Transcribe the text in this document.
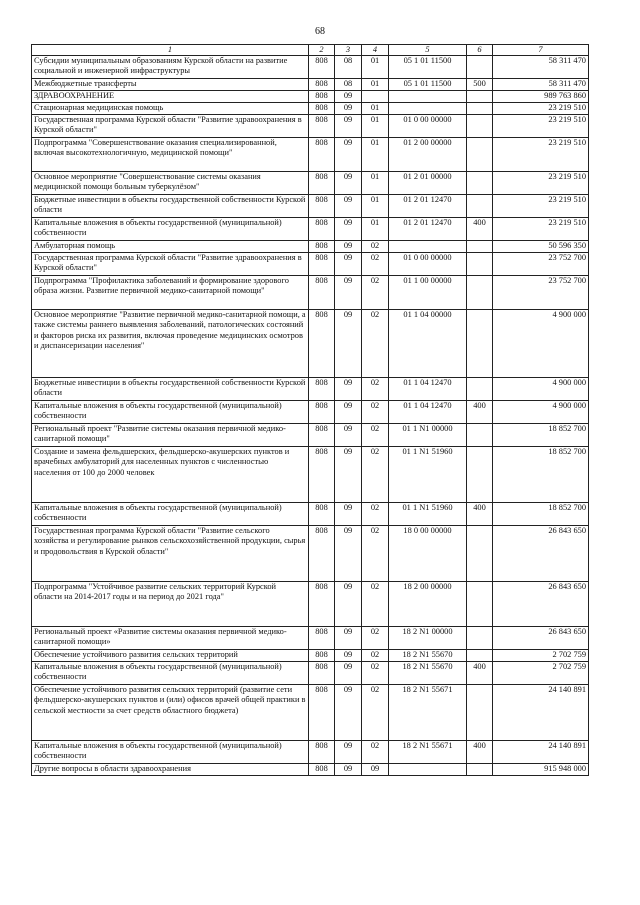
68
1	2	3	4	5	6	7
Субсидии муниципальным образованиям Курской области на развитие социальной и инженерной инфраструктуры	808	08	01	05 1 01 11500		58 311 470
Межбюджетные трансферты	808	08	01	05 1 01 11500	500	58 311 470
ЗДРАВООХРАНЕНИЕ	808	09				989 763 860
Стационарная медицинская помощь	808	09	01			23 219 510
Государственная программа Курской области "Развитие здравоохранения в Курской области"	808	09	01	01 0 00 00000		23 219 510
Подпрограмма "Совершенствование оказания специализированной, включая высокотехнологичную, медицинской помощи"	808	09	01	01 2 00 00000		23 219 510
Основное мероприятие "Совершенствование системы оказания медицинской помощи больным туберкулёзом"	808	09	01	01 2 01 00000		23 219 510
Бюджетные инвестиции в объекты государственной собственности Курской области	808	09	01	01 2 01 12470		23 219 510
Капитальные вложения в объекты государственной (муниципальной) собственности	808	09	01	01 2 01 12470	400	23 219 510
Амбулаторная помощь	808	09	02			50 596 350
Государственная программа Курской области "Развитие здравоохранения в Курской области"	808	09	02	01 0 00 00000		23 752 700
Подпрограмма "Профилактика заболеваний и формирование здорового образа жизни. Развитие первичной медико-санитарной помощи"	808	09	02	01 1 00 00000		23 752 700
Основное мероприятие "Развитие первичной медико-санитарной помощи, а также системы раннего выявления заболеваний, патологических состояний и факторов риска их развития, включая проведение медицинских осмотров и диспансеризации населения"	808	09	02	01 1 04 00000		4 900 000
Бюджетные инвестиции в объекты государственной собственности Курской области	808	09	02	01 1 04 12470		4 900 000
Капитальные вложения в объекты государственной (муниципальной) собственности	808	09	02	01 1 04 12470	400	4 900 000
Региональный проект "Развитие системы оказания первичной медико-санитарной помощи"	808	09	02	01 1 N1 00000		18 852 700
Создание и замена фельдшерских, фельдшерско-акушерских пунктов и врачебных амбулаторий для населенных пунктов с численностью населения от 100 до 2000 человек	808	09	02	01 1 N1 51960		18 852 700
Капитальные вложения в объекты государственной (муниципальной) собственности	808	09	02	01 1 N1 51960	400	18 852 700
Государственная программа Курской области "Развитие сельского хозяйства и регулирование рынков сельскохозяйственной продукции, сырья и продовольствия в Курской области"	808	09	02	18 0 00 00000		26 843 650
Подпрограмма "Устойчивое развитие сельских территорий Курской области на 2014-2017 годы и на период до 2021 года"	808	09	02	18 2 00 00000		26 843 650
Региональный проект «Развитие системы оказания первичной медико-санитарной помощи»	808	09	02	18 2 N1 00000		26 843 650
Обеспечение устойчивого развития сельских территорий	808	09	02	18 2 N1 55670		2 702 759
Капитальные вложения в объекты государственной (муниципальной) собственности	808	09	02	18 2 N1 55670	400	2 702 759
Обеспечение устойчивого развития сельских территорий (развитие сети фельдшерско-акушерских пунктов и (или) офисов врачей общей практики в сельской местности за счет средств областного бюджета)	808	09	02	18 2 N1 55671		24 140 891
Капитальные вложения в объекты государственной (муниципальной) собственности	808	09	02	18 2 N1 55671	400	24 140 891
Другие вопросы в области здравоохранения	808	09	09			915 948 000
